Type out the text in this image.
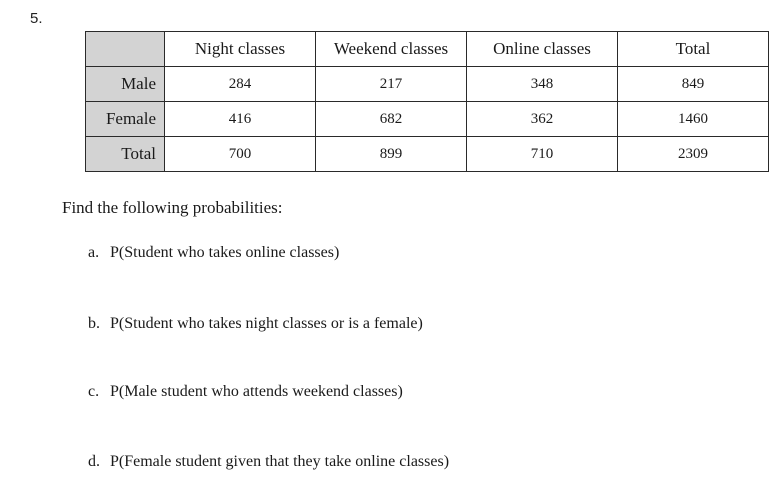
5.
	Night classes	Weekend classes	Online classes	Total
Male	284	217	348	849
Female	416	682	362	1460
Total	700	899	710	2309
Find the following probabilities:
a. P(Student who takes online classes)
b. P(Student who takes night classes or is a female)
c. P(Male student who attends weekend classes)
d. P(Female student given that they take online classes)
